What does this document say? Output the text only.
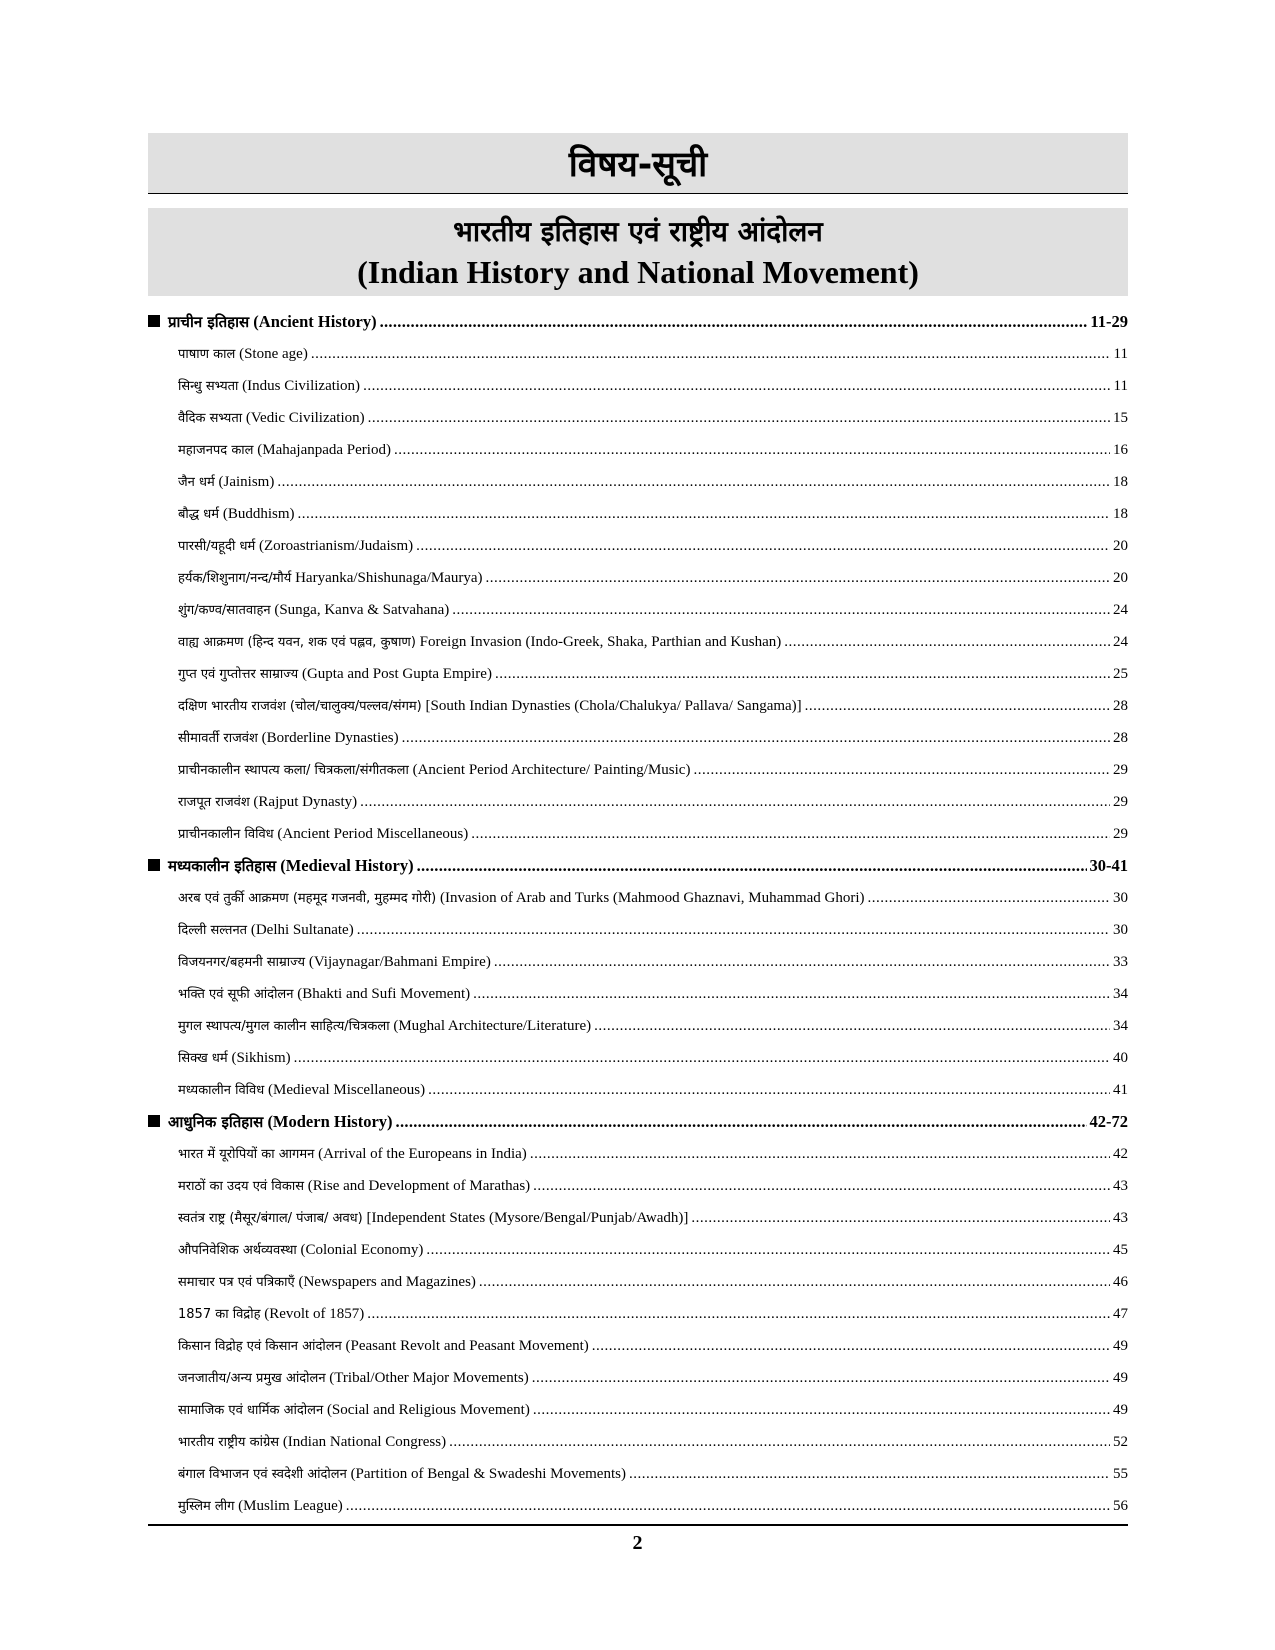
विषय-सूची
भारतीय इतिहास एवं राष्ट्रीय आंदोलन
(Indian History and National Movement)
प्राचीन इतिहास
(Ancient History) .....	11-29
पाषाण काल
(Stone age) .....	11
सिन्धु सभ्यता
(Indus Civilization) .....	11
वैदिक सभ्यता
(Vedic Civilization) .....	15
महाजनपद काल
(Mahajanpada Period) .....	16
जैन धर्म
(Jainism) .....	18
बौद्ध धर्म
(Buddhism) .....	18
पारसी/यहूदी धर्म
(Zoroastrianism/Judaism) .....	20
हर्यक/शिशुनाग/नन्द/मौर्य
Haryanka/Shishunaga/Maurya) .....	20
शुंग/कण्व/सातवाहन
(Sunga, Kanva & Satvahana) .....	24
वाह्य आक्रमण (हिन्द यवन, शक एवं पह्लव, कुषाण)
Foreign Invasion (Indo-Greek, Shaka, Parthian and Kushan) .....	24
गुप्त एवं गुप्तोत्तर साम्राज्य
(Gupta and Post Gupta Empire) .....	25
दक्षिण भारतीय राजवंश (चोल/चालुक्य/पल्लव/संगम)
[South Indian Dynasties (Chola/Chalukya/ Pallava/ Sangama)] .....	28
सीमावर्ती राजवंश
(Borderline Dynasties) .....	28
प्राचीनकालीन स्थापत्य कला/ चित्रकला/संगीतकला
(Ancient Period Architecture/ Painting/Music) .....	29
राजपूत राजवंश
(Rajput Dynasty) .....	29
प्राचीनकालीन विविध
(Ancient Period Miscellaneous) .....	29
मध्यकालीन इतिहास
(Medieval History) .....	30-41
अरब एवं तुर्की आक्रमण (महमूद गजनवी, मुहम्मद गोरी)
(Invasion of Arab and Turks (Mahmood Ghaznavi, Muhammad Ghori) .....	30
दिल्ली सल्तनत
(Delhi Sultanate) .....	30
विजयनगर/बहमनी साम्राज्य
(Vijaynagar/Bahmani Empire) .....	33
भक्ति एवं सूफी आंदोलन
(Bhakti and Sufi Movement) .....	34
मुगल स्थापत्य/मुगल कालीन साहित्य/चित्रकला
(Mughal Architecture/Literature) .....	34
सिक्ख धर्म
(Sikhism) .....	40
मध्यकालीन विविध
(Medieval Miscellaneous) .....	41
आधुनिक इतिहास
(Modern History) .....	42-72
भारत में यूरोपियों का आगमन
(Arrival of the Europeans in India) .....	42
मराठों का उदय एवं विकास
(Rise and Development of Marathas) .....	43
स्वतंत्र राष्ट्र (मैसूर/बंगाल/ पंजाब/ अवध)
[Independent States (Mysore/Bengal/Punjab/Awadh)] .....	43
औपनिवेशिक अर्थव्यवस्था
(Colonial Economy) .....	45
समाचार पत्र एवं पत्रिकाएँ
(Newspapers and Magazines) .....	46
1857 का विद्रोह
(Revolt of 1857) .....	47
किसान विद्रोह एवं किसान आंदोलन
(Peasant Revolt and Peasant Movement) .....	49
जनजातीय/अन्य प्रमुख आंदोलन
(Tribal/Other Major Movements) .....	49
सामाजिक एवं धार्मिक आंदोलन
(Social and Religious Movement) .....	49
भारतीय राष्ट्रीय कांग्रेस
(Indian National Congress) .....	52
बंगाल विभाजन एवं स्वदेशी आंदोलन
(Partition of Bengal & Swadeshi Movements) .....	55
मुस्लिम लीग
(Muslim League) .....	56
2
